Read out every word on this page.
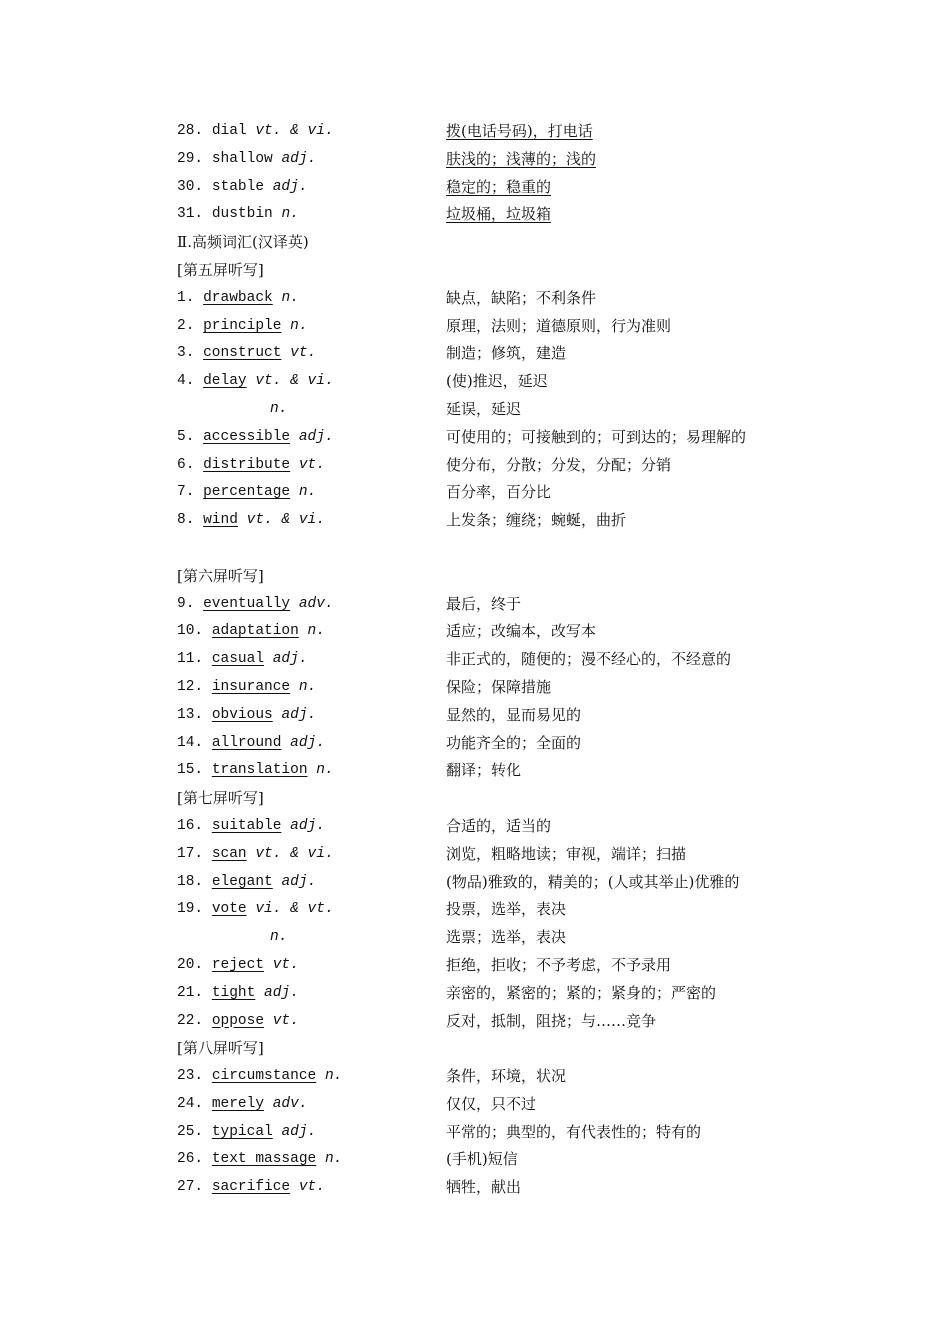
28. dial vt. & vi.	拨(电话号码)，打电话
29. shallow adj.	肤浅的；浅薄的；浅的
30. stable adj.	稳定的；稳重的
31. dustbin n.	垃圾桶，垃圾箱
Ⅱ.高频词汇(汉译英)
[第五屏听写]
1. drawback n.	缺点，缺陷；不利条件
2. principle n.	原理，法则；道德原则，行为准则
3. construct vt.	制造；修筑，建造
4. delay vt. & vi.	(使)推迟，延迟
n.	延误，延迟
5. accessible adj.	可使用的；可接触到的；可到达的；易理解的
6. distribute vt.	使分布，分散；分发，分配；分销
7. percentage n.	百分率，百分比
8. wind vt. & vi.	上发条；缠绕；蜿蜒，曲折
[第六屏听写]
9. eventually adv.	最后，终于
10. adaptation n.	适应；改编本，改写本
11. casual adj.	非正式的，随便的；漫不经心的，不经意的
12. insurance n.	保险；保障措施
13. obvious adj.	显然的，显而易见的
14. allround adj.	功能齐全的；全面的
15. translation n.	翻译；转化
[第七屏听写]
16. suitable adj.	合适的，适当的
17. scan vt. & vi.	浏览，粗略地读；审视，端详；扫描
18. elegant adj.	(物品)雅致的，精美的；(人或其举止)优雅的
19. vote vi. & vt.	投票，选举，表决
n.	选票；选举，表决
20. reject vt.	拒绝，拒收；不予考虑，不予录用
21. tight adj.	亲密的，紧密的；紧的；紧身的；严密的
22. oppose vt.	反对，抵制，阻挠；与……竞争
[第八屏听写]
23. circumstance n.	条件，环境，状况
24. merely adv.	仅仅，只不过
25. typical adj.	平常的；典型的，有代表性的；特有的
26. text massage n.	(手机)短信
27. sacrifice vt.	牺牲，献出
